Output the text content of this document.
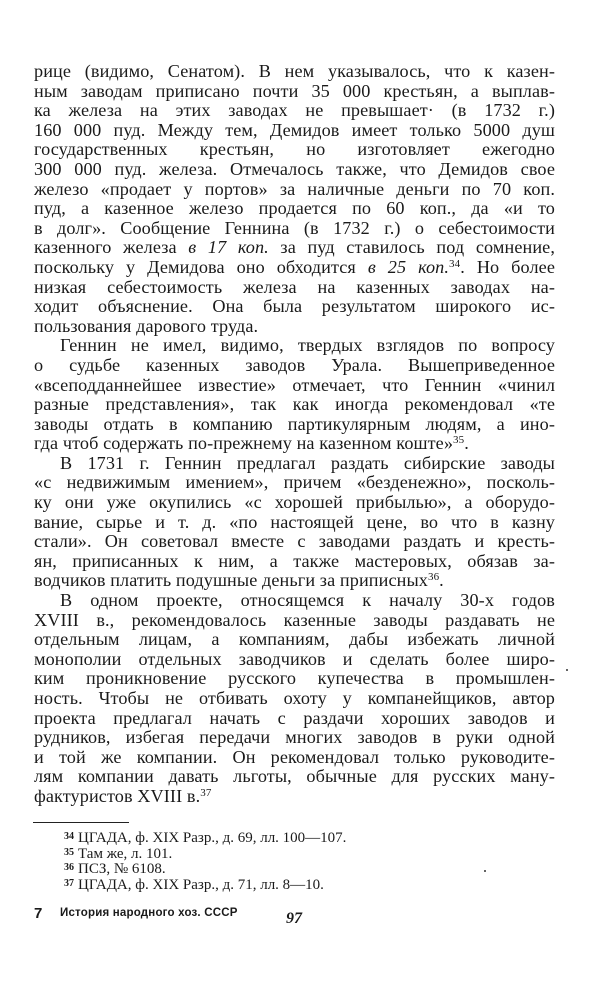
рице (видимо, Сенатом). В нем указывалось, что к казен-
ным заводам приписано почти 35 000 крестьян, а выплав-
ка железа на этих заводах не превышает· (в 1732 г.)
160 000 пуд. Между тем, Демидов имеет только 5000 душ
государственных крестьян, но изготовляет ежегодно
300 000 пуд. железа. Отмечалось также, что Демидов свое
железо «продает у портов» за наличные деньги по 70 коп.
пуд, а казенное железо продается по 60 коп., да «и то
в долг». Сообщение Геннина (в 1732 г.) о себестоимости
казенного железа в 17 коп. за пуд ставилось под сомнение,
поскольку у Демидова оно обходится в 25 коп.$^{34}$. Но более
низкая себестоимость железа на казенных заводах на-
ходит объяснение. Она была результатом широкого ис-
пользования дарового труда.
Геннин не имел, видимо, твердых взглядов по вопросу
о судьбе казенных заводов Урала. Вышеприведенное
«всеподданнейшее известие» отмечает, что Геннин «чинил
разные представления», так как иногда рекомендовал «те
заводы отдать в компанию партикулярным людям, а ино-
гда чтоб содержать по-прежнему на казенном коште»$^{35}$.
В 1731 г. Геннин предлагал раздать сибирские заводы
«с недвижимым имением», причем «безденежно», посколь-
ку они уже окупились «с хорошей прибылью», а оборудо-
вание, сырье и т. д. «по настоящей цене, во что в казну
стали». Он советовал вместе с заводами раздать и кресть-
ян, приписанных к ним, а также мастеровых, обязав за-
водчиков платить подушные деньги за приписных$^{36}$.
В одном проекте, относящемся к началу 30-х годов
XVIII в., рекомендовалось казенные заводы раздавать не
отдельным лицам, а компаниям, дабы избежать личной
монополии отдельных заводчиков и сделать более широ-
ким проникновение русского купечества в промышлен-
ность. Чтобы не отбивать охоту у компанейщиков, автор
проекта предлагал начать с раздачи хороших заводов и
рудников, избегая передачи многих заводов в руки одной
и той же компании. Он рекомендовал только руководите-
лям компании давать льготы, обычные для русских ману-
фактуристов XVIII в.$^{37}$
$^{34}$ ЦГАДА, ф. XIX Разр., д. 69, лл. 100—107.
$^{35}$ Там же, л. 101.
$^{36}$ ПСЗ, № 6108.
$^{37}$ ЦГАДА, ф. XIX Разр., д. 71, лл. 8—10.
7 История народного хоз. СССР	97
